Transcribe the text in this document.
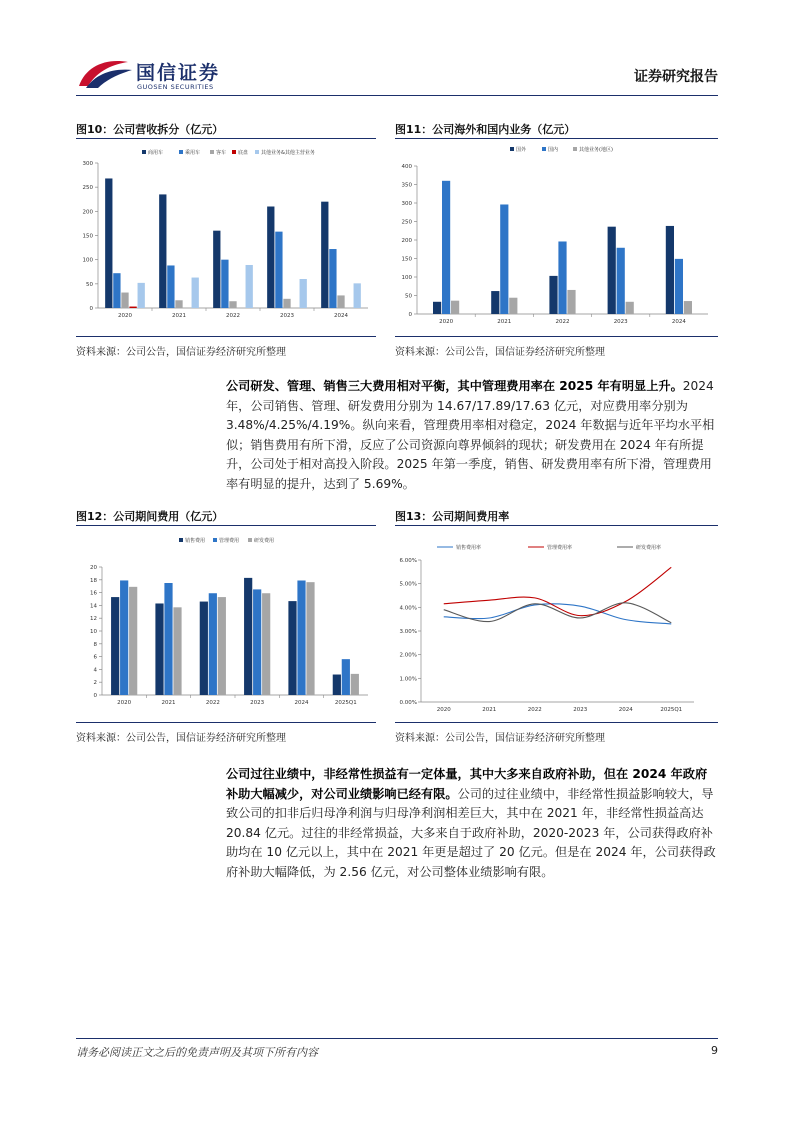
国信证券
GUOSEN SECURITIES
证券研究报告
图10：公司营收拆分（亿元）
0
50
100
150
200
250
300
2020	2021	2022	2023	2024
商用车	乘用车	客车 底盘	其他业务&其他主营业务
资料来源：公司公告，国信证券经济研究所整理
图11：公司海外和国内业务（亿元）
0
50
100
150
200
250
300
350
400
2020	2021	2022	2023	2024
国外	国内	其他业务(地区)
资料来源：公司公告，国信证券经济研究所整理
公司研发、管理、销售三大费用相对平衡，其中管理费用率在 2025 年有明显上升。2024 年，公司销售、管理、研发费用分别为 14.67/17.89/17.63 亿元，对应费用率分别为 3.48%/4.25%/4.19%。纵向来看，管理费用率相对稳定，2024 年数据与近年平均水平相似；销售费用有所下滑，反应了公司资源向尊界倾斜的现状；研发费用在 2024 年有所提升，公司处于相对高投入阶段。2025 年第一季度，销售、研发费用率有所下滑，管理费用率有明显的提升，达到了 5.69%。
图12：公司期间费用（亿元）
0
2
4
6
8
10
12
14
16
18
20
2020	2021	2022	2023	2024	2025Q1
销售费用	管理费用	研发费用
资料来源：公司公告，国信证券经济研究所整理
图13：公司期间费用率
0.00%
1.00%
2.00%
3.00%
4.00%
5.00%
6.00%
2020	2021	2022	2023	2024	2025Q1
销售费用率	管理费用率	研发费用率
资料来源：公司公告，国信证券经济研究所整理
公司过往业绩中，非经常性损益有一定体量，其中大多来自政府补助，但在 2024 年政府补助大幅减少，对公司业绩影响已经有限。公司的过往业绩中，非经常性损益影响较大，导致公司的扣非后归母净利润与归母净利润相差巨大，其中在 2021 年，非经常性损益高达 20.84 亿元。过往的非经常损益，大多来自于政府补助，2020-2023 年，公司获得政府补助均在 10 亿元以上，其中在 2021 年更是超过了 20 亿元。但是在 2024 年，公司获得政府补助大幅降低，为 2.56 亿元，对公司整体业绩影响有限。
请务必阅读正文之后的免责声明及其项下所有内容	9
